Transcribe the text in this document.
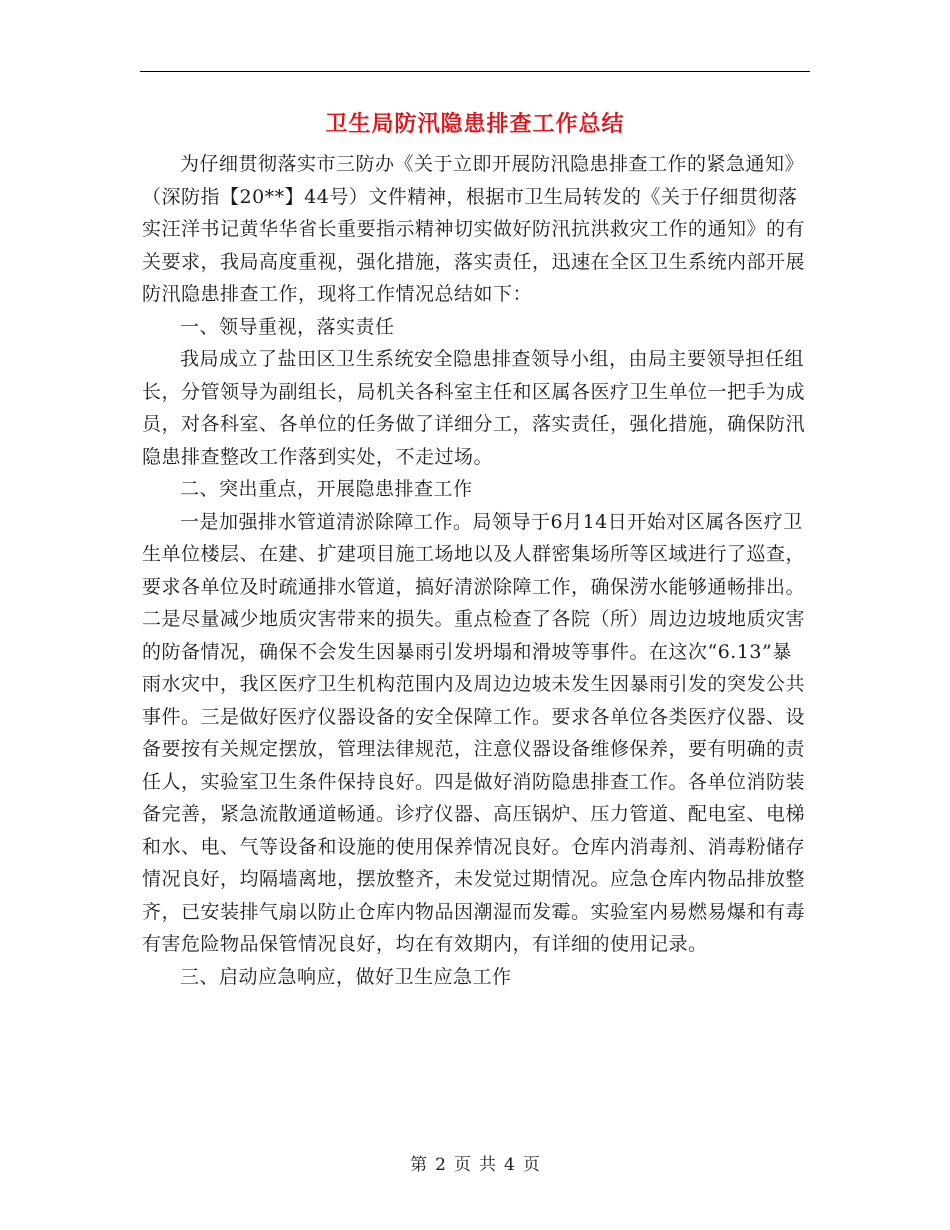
卫生局防汛隐患排查工作总结

为仔细贯彻落实市三防办《关于立即开展防汛隐患排查工作的紧急通知》（深防指【20**】44号）文件精神，根据市卫生局转发的《关于仔细贯彻落实汪洋书记黄华华省长重要指示精神切实做好防汛抗洪救灾工作的通知》的有关要求，我局高度重视，强化措施，落实责任，迅速在全区卫生系统内部开展防汛隐患排查工作，现将工作情况总结如下：

一、领导重视，落实责任

我局成立了盐田区卫生系统安全隐患排查领导小组，由局主要领导担任组长，分管领导为副组长，局机关各科室主任和区属各医疗卫生单位一把手为成员，对各科室、各单位的任务做了详细分工，落实责任，强化措施，确保防汛隐患排查整改工作落到实处，不走过场。

二、突出重点，开展隐患排查工作

一是加强排水管道清淤除障工作。局领导于6月14日开始对区属各医疗卫生单位楼层、在建、扩建项目施工场地以及人群密集场所等区域进行了巡查，要求各单位及时疏通排水管道，搞好清淤除障工作，确保涝水能够通畅排出。二是尽量减少地质灾害带来的损失。重点检查了各院（所）周边边坡地质灾害的防备情况，确保不会发生因暴雨引发坍塌和滑坡等事件。在这次“6.13”暴雨水灾中，我区医疗卫生机构范围内及周边边坡未发生因暴雨引发的突发公共事件。三是做好医疗仪器设备的安全保障工作。要求各单位各类医疗仪器、设备要按有关规定摆放，管理法律规范，注意仪器设备维修保养，要有明确的责任人，实验室卫生条件保持良好。四是做好消防隐患排查工作。各单位消防装备完善，紧急流散通道畅通。诊疗仪器、高压锅炉、压力管道、配电室、电梯和水、电、气等设备和设施的使用保养情况良好。仓库内消毒剂、消毒粉储存情况良好，均隔墙离地，摆放整齐，未发觉过期情况。应急仓库内物品排放整齐，已安装排气扇以防止仓库内物品因潮湿而发霉。实验室内易燃易爆和有毒有害危险物品保管情况良好，均在有效期内，有详细的使用记录。

三、启动应急响应，做好卫生应急工作

第 2 页 共 4 页
